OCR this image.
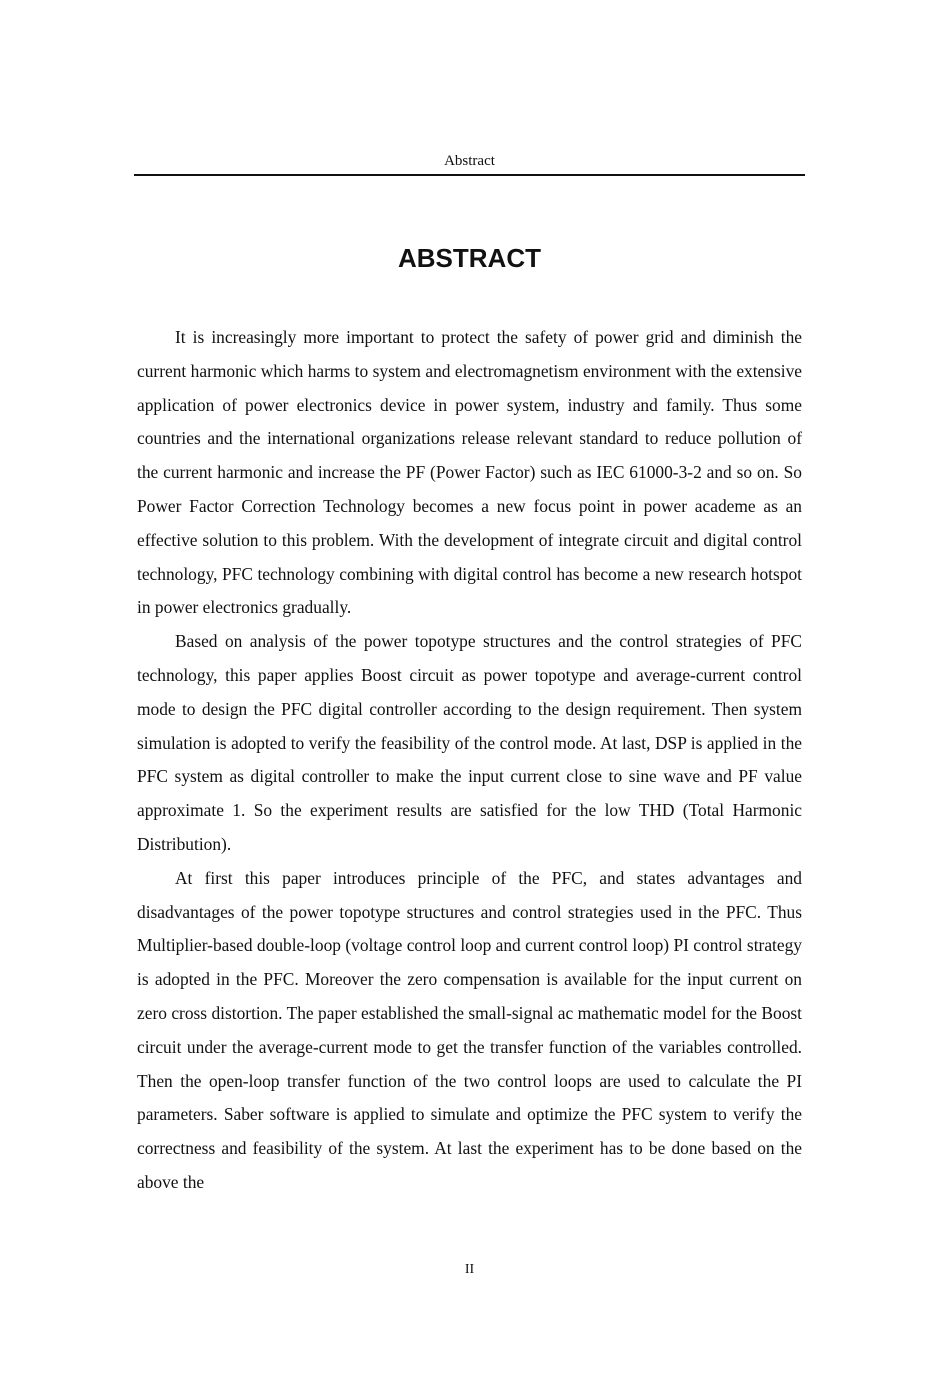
Abstract
ABSTRACT

It is increasingly more important to protect the safety of power grid and diminish the current harmonic which harms to system and electromagnetism environment with the extensive application of power electronics device in power system, industry and family. Thus some countries and the international organizations release relevant standard to reduce pollution of the current harmonic and increase the PF (Power Factor) such as IEC 61000-3-2 and so on. So Power Factor Correction Technology becomes a new focus point in power academe as an effective solution to this problem. With the development of integrate circuit and digital control technology, PFC technology combining with digital control has become a new research hotspot in power electronics gradually.

Based on analysis of the power topotype structures and the control strategies of PFC technology, this paper applies Boost circuit as power topotype and average-current control mode to design the PFC digital controller according to the design requirement. Then system simulation is adopted to verify the feasibility of the control mode. At last, DSP is applied in the PFC system as digital controller to make the input current close to sine wave and PF value approximate 1. So the experiment results are satisfied for the low THD (Total Harmonic Distribution).

At first this paper introduces principle of the PFC, and states advantages and disadvantages of the power topotype structures and control strategies used in the PFC. Thus Multiplier-based double-loop (voltage control loop and current control loop) PI control strategy is adopted in the PFC. Moreover the zero compensation is available for the input current on zero cross distortion. The paper established the small-signal ac mathematic model for the Boost circuit under the average-current mode to get the transfer function of the variables controlled. Then the open-loop transfer function of the two control loops are used to calculate the PI parameters. Saber software is applied to simulate and optimize the PFC system to verify the correctness and feasibility of the system. At last the experiment has to be done based on the above the

II
